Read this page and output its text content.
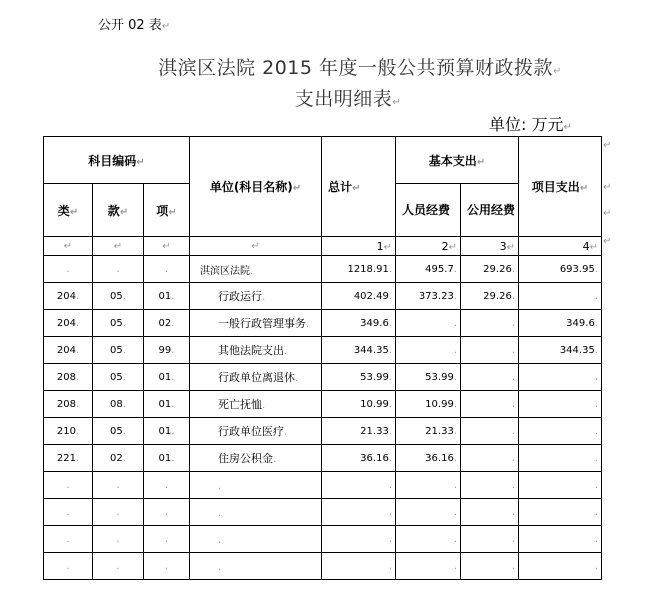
公开 02 表↵
淇滨区法院 2015 年度一般公共预算财政拨款↵
支出明细表↵
单位: 万元↵
科目编码↵			单位(科目名称)↵	总计↵	基本支出↵		项目支出↵
类↵	款↵	项↵			人员经费	公用经费	
↵	↵	↵	↵	1↵	2↵	3↵	4↵
.	.	.	淇滨区法院.	1218.91.	495.7.	29.26.	693.95.
204.	05.	01.	行政运行.	402.49.	373.23.	29.26.	.
204.	05.	02.	一般行政管理事务.	349.6.	.	.	349.6.
204.	05.	99.	其他法院支出.	344.35.	.	.	344.35.
208.	05.	01.	行政单位离退休.	53.99.	53.99.	.	.
208.	08.	01.	死亡抚恤.	10.99.	10.99.	.	.
210.	05.	01.	行政单位医疗.	21.33.	21.33.	.	.
221.	02.	01.	住房公积金.	36.16.	36.16.	.	.
.	.	.	.	.	.	.	.
.	.	.	.	.	.	.	.
.	.	.	.	.	.	.	.
.	.	.	.	.	.	.	.
↵
↵
↵
↵
